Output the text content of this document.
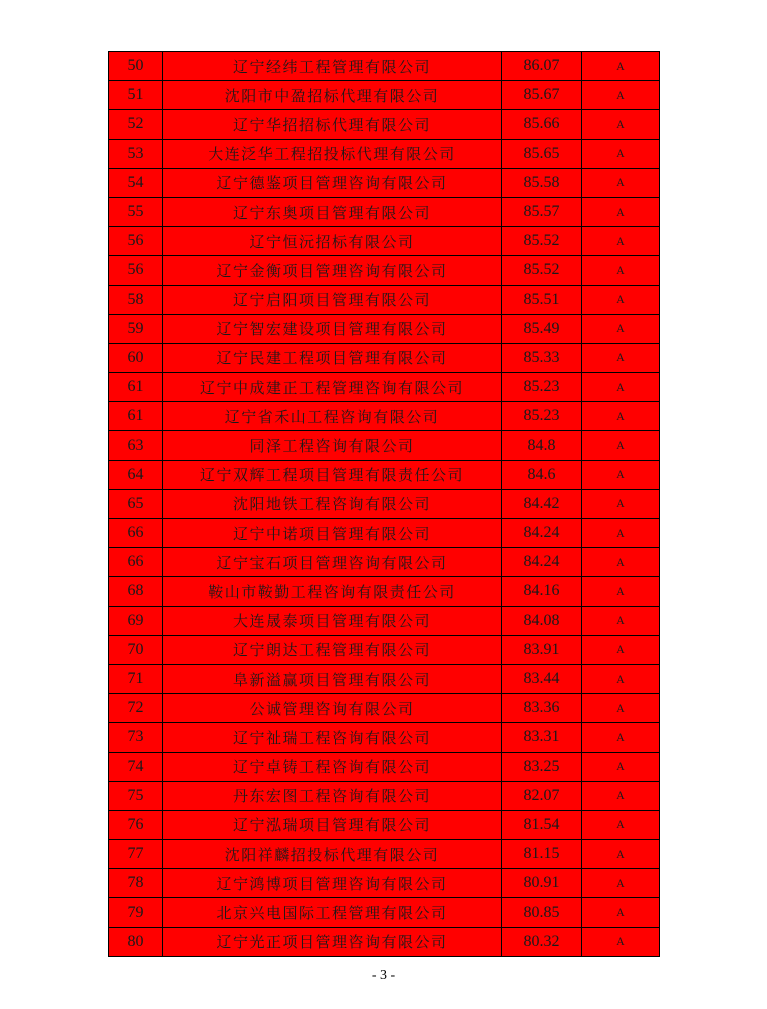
50	辽宁经纬工程管理有限公司	86.07	A
51	沈阳市中盈招标代理有限公司	85.67	A
52	辽宁华招招标代理有限公司	85.66	A
53	大连泛华工程招投标代理有限公司	85.65	A
54	辽宁德鉴项目管理咨询有限公司	85.58	A
55	辽宁东奥项目管理有限公司	85.57	A
56	辽宁恒沅招标有限公司	85.52	A
56	辽宁金衡项目管理咨询有限公司	85.52	A
58	辽宁启阳项目管理有限公司	85.51	A
59	辽宁智宏建设项目管理有限公司	85.49	A
60	辽宁民建工程项目管理有限公司	85.33	A
61	辽宁中成建正工程管理咨询有限公司	85.23	A
61	辽宁省禾山工程咨询有限公司	85.23	A
63	同泽工程咨询有限公司	84.8	A
64	辽宁双辉工程项目管理有限责任公司	84.6	A
65	沈阳地铁工程咨询有限公司	84.42	A
66	辽宁中诺项目管理有限公司	84.24	A
66	辽宁宝石项目管理咨询有限公司	84.24	A
68	鞍山市鞍勤工程咨询有限责任公司	84.16	A
69	大连晟泰项目管理有限公司	84.08	A
70	辽宁朗达工程管理有限公司	83.91	A
71	阜新溢赢项目管理有限公司	83.44	A
72	公诚管理咨询有限公司	83.36	A
73	辽宁祉瑞工程咨询有限公司	83.31	A
74	辽宁卓铸工程咨询有限公司	83.25	A
75	丹东宏图工程咨询有限公司	82.07	A
76	辽宁泓瑞项目管理有限公司	81.54	A
77	沈阳祥麟招投标代理有限公司	81.15	A
78	辽宁鸿博项目管理咨询有限公司	80.91	A
79	北京兴电国际工程管理有限公司	80.85	A
80	辽宁光正项目管理咨询有限公司	80.32	A
- 3 -
